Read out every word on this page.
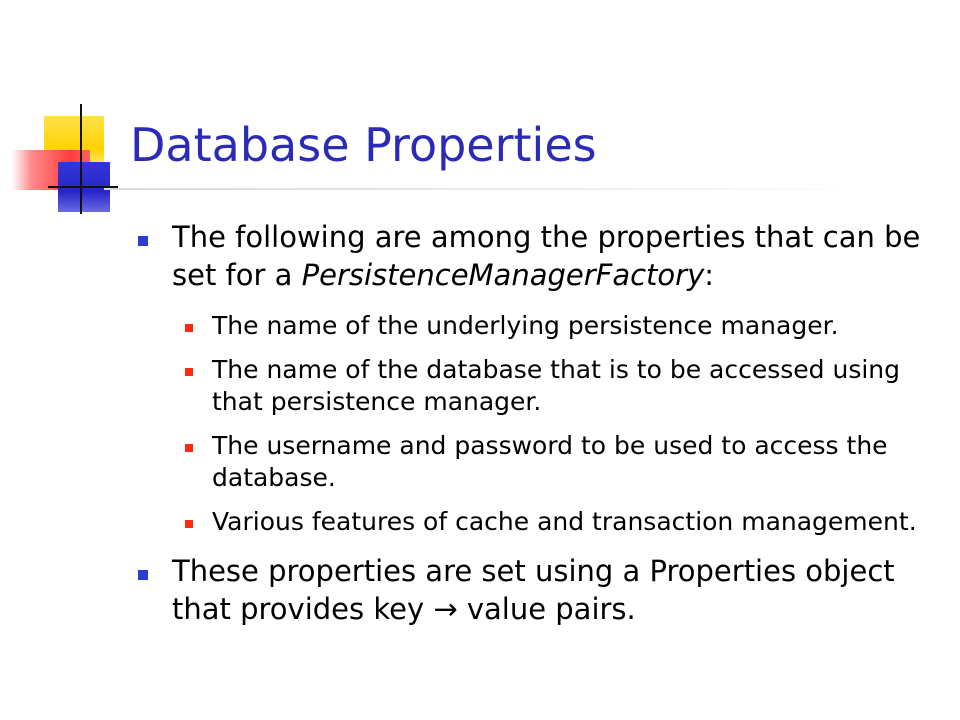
Database Properties
The following are among the properties that can be set for a PersistenceManagerFactory:
The name of the underlying persistence manager.
The name of the database that is to be accessed using that persistence manager.
The username and password to be used to access the database.
Various features of cache and transaction management.
These properties are set using a Properties object that provides key → value pairs.
